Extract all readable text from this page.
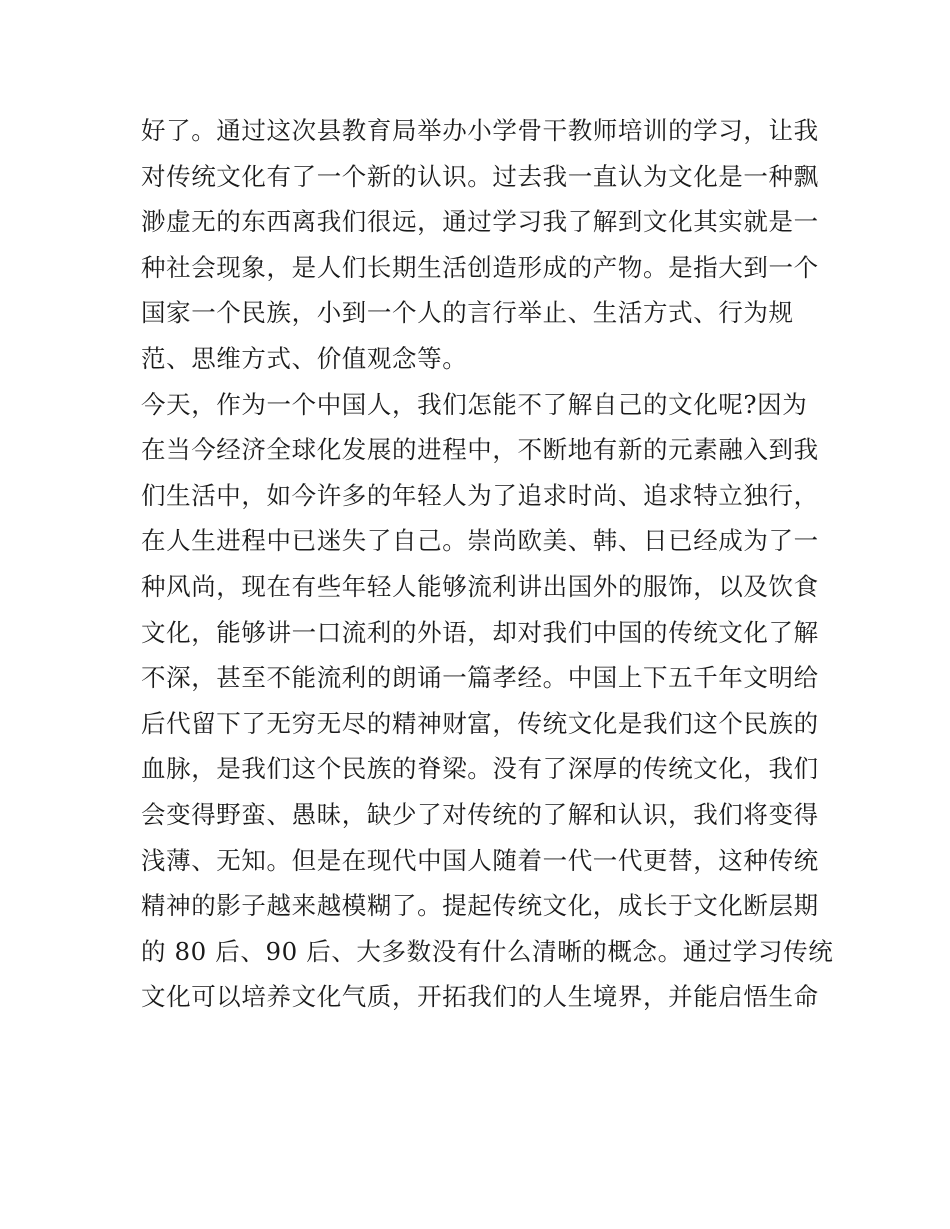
好了。通过这次县教育局举办小学骨干教师培训的学习，让我
对传统文化有了一个新的认识。过去我一直认为文化是一种飘
渺虚无的东西离我们很远，通过学习我了解到文化其实就是一
种社会现象，是人们长期生活创造形成的产物。是指大到一个
国家一个民族，小到一个人的言行举止、生活方式、行为规
范、思维方式、价值观念等。
今天，作为一个中国人，我们怎能不了解自己的文化呢?因为
在当今经济全球化发展的进程中，不断地有新的元素融入到我
们生活中，如今许多的年轻人为了追求时尚、追求特立独行，
在人生进程中已迷失了自己。崇尚欧美、韩、日已经成为了一
种风尚，现在有些年轻人能够流利讲出国外的服饰，以及饮食
文化，能够讲一口流利的外语，却对我们中国的传统文化了解
不深，甚至不能流利的朗诵一篇孝经。中国上下五千年文明给
后代留下了无穷无尽的精神财富，传统文化是我们这个民族的
血脉，是我们这个民族的脊梁。没有了深厚的传统文化，我们
会变得野蛮、愚昧，缺少了对传统的了解和认识，我们将变得
浅薄、无知。但是在现代中国人随着一代一代更替，这种传统
精神的影子越来越模糊了。提起传统文化，成长于文化断层期
的 80 后、90 后、大多数没有什么清晰的概念。通过学习传统
文化可以培养文化气质，开拓我们的人生境界，并能启悟生命
